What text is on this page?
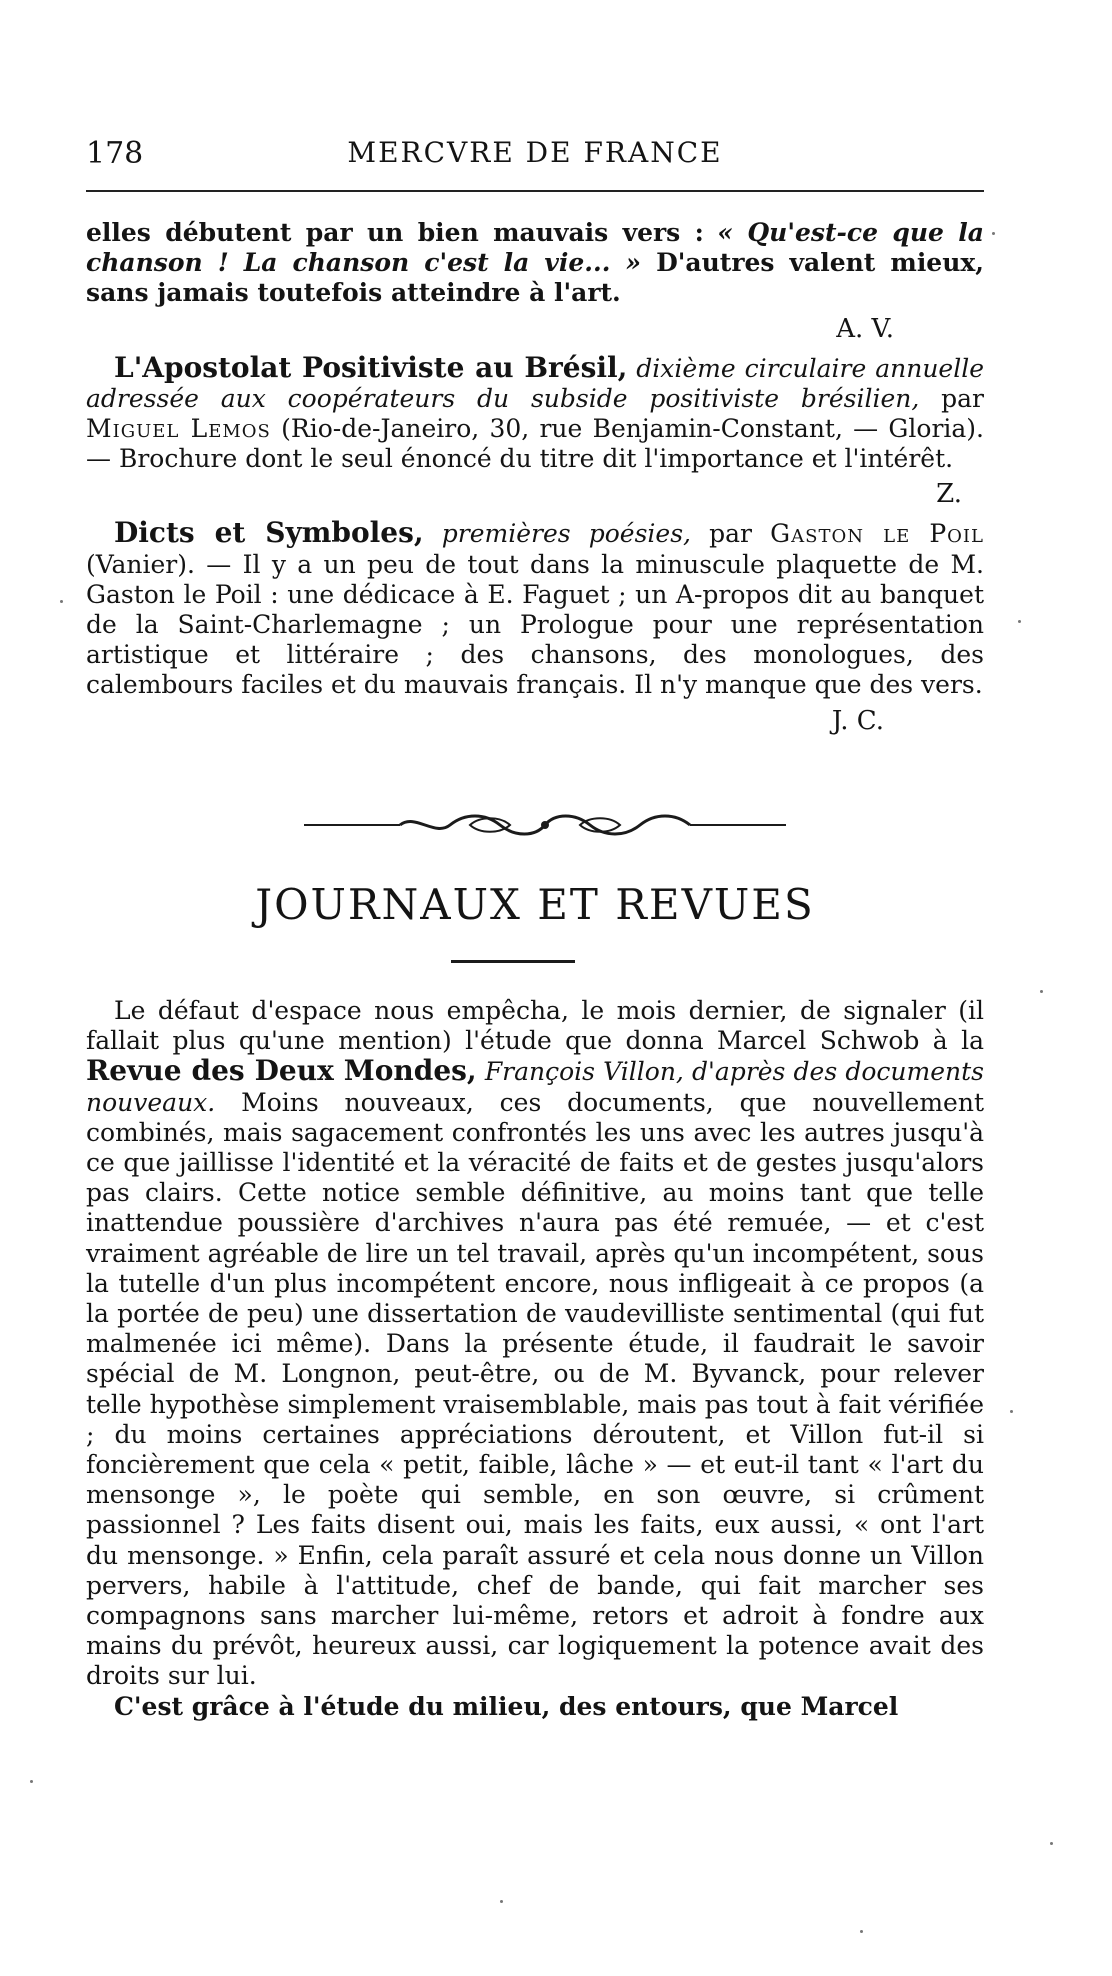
178	MERCVRE DE FRANCE

elles débutent par un bien mauvais vers : « Qu'est-ce que la chanson ! La chanson c'est la vie... » D'autres valent mieux, sans jamais toutefois atteindre à l'art.

A. V.

L'Apostolat Positiviste au Brésil, dixième circulaire annuelle adressée aux coopérateurs du subside positiviste brésilien, par Miguel Lemos (Rio-de-Janeiro, 30, rue Benjamin-Constant, — Gloria). — Brochure dont le seul énoncé du titre dit l'importance et l'intérêt.

Z.

Dicts et Symboles, premières poésies, par Gaston le Poil (Vanier). — Il y a un peu de tout dans la minuscule plaquette de M. Gaston le Poil : une dédicace à E. Faguet ; un A-propos dit au banquet de la Saint-Charlemagne ; un Prologue pour une représentation artistique et littéraire ; des chansons, des monologues, des calembours faciles et du mauvais français. Il n'y manque que des vers.

J. C.
JOURNAUX ET REVUES

Le défaut d'espace nous empêcha, le mois dernier, de signaler (il fallait plus qu'une mention) l'étude que donna Marcel Schwob à la Revue des Deux Mondes, François Villon, d'après des documents nouveaux. Moins nouveaux, ces documents, que nouvellement combinés, mais sagacement confrontés les uns avec les autres jusqu'à ce que jaillisse l'identité et la véracité de faits et de gestes jusqu'alors pas clairs. Cette notice semble définitive, au moins tant que telle inattendue poussière d'archives n'aura pas été remuée, — et c'est vraiment agréable de lire un tel travail, après qu'un incompétent, sous la tutelle d'un plus incompétent encore, nous infligeait à ce propos (a la portée de peu) une dissertation de vaudevilliste sentimental (qui fut malmenée ici même). Dans la présente étude, il faudrait le savoir spécial de M. Longnon, peut-être, ou de M. Byvanck, pour relever telle hypothèse simplement vraisemblable, mais pas tout à fait vérifiée ; du moins certaines appréciations déroutent, et Villon fut-il si foncièrement que cela « petit, faible, lâche » — et eut-il tant « l'art du mensonge », le poète qui semble, en son œuvre, si crûment passionnel ? Les faits disent oui, mais les faits, eux aussi, « ont l'art du mensonge. » Enfin, cela paraît assuré et cela nous donne un Villon pervers, habile à l'attitude, chef de bande, qui fait marcher ses compagnons sans marcher lui-même, retors et adroit à fondre aux mains du prévôt, heureux aussi, car logiquement la potence avait des droits sur lui.

C'est grâce à l'étude du milieu, des entours, que Marcel
